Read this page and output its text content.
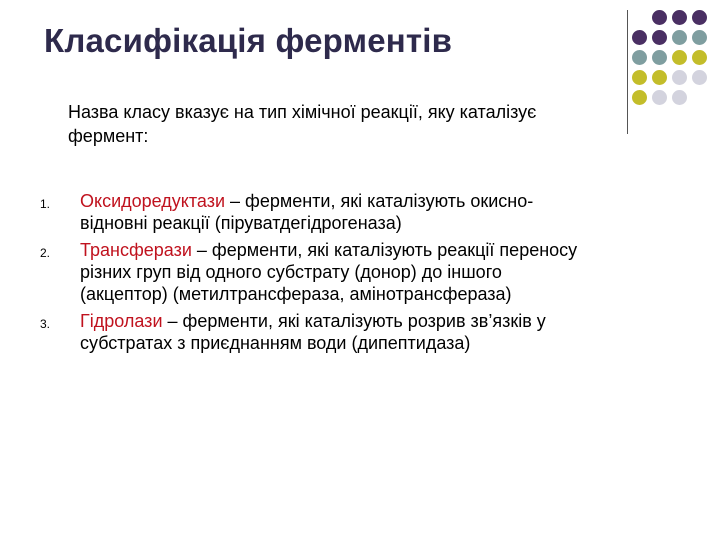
Класифікація ферментів

Назва класу вказує на тип хімічної реакції, яку каталізує
фермент:

1. Оксидоредуктази – ферменти, які каталізують окисно-
відновні реакції (піруватдегідрогеназа)
2. Трансферази – ферменти, які каталізують реакції переносу
різних груп від одного субстрату (донор) до іншого
(акцептор) (метилтрансфераза, амінотрансфераза)
3. Гідролази – ферменти, які каталізують розрив зв’язків у
субстратах з приєднанням води (дипептидаза)
